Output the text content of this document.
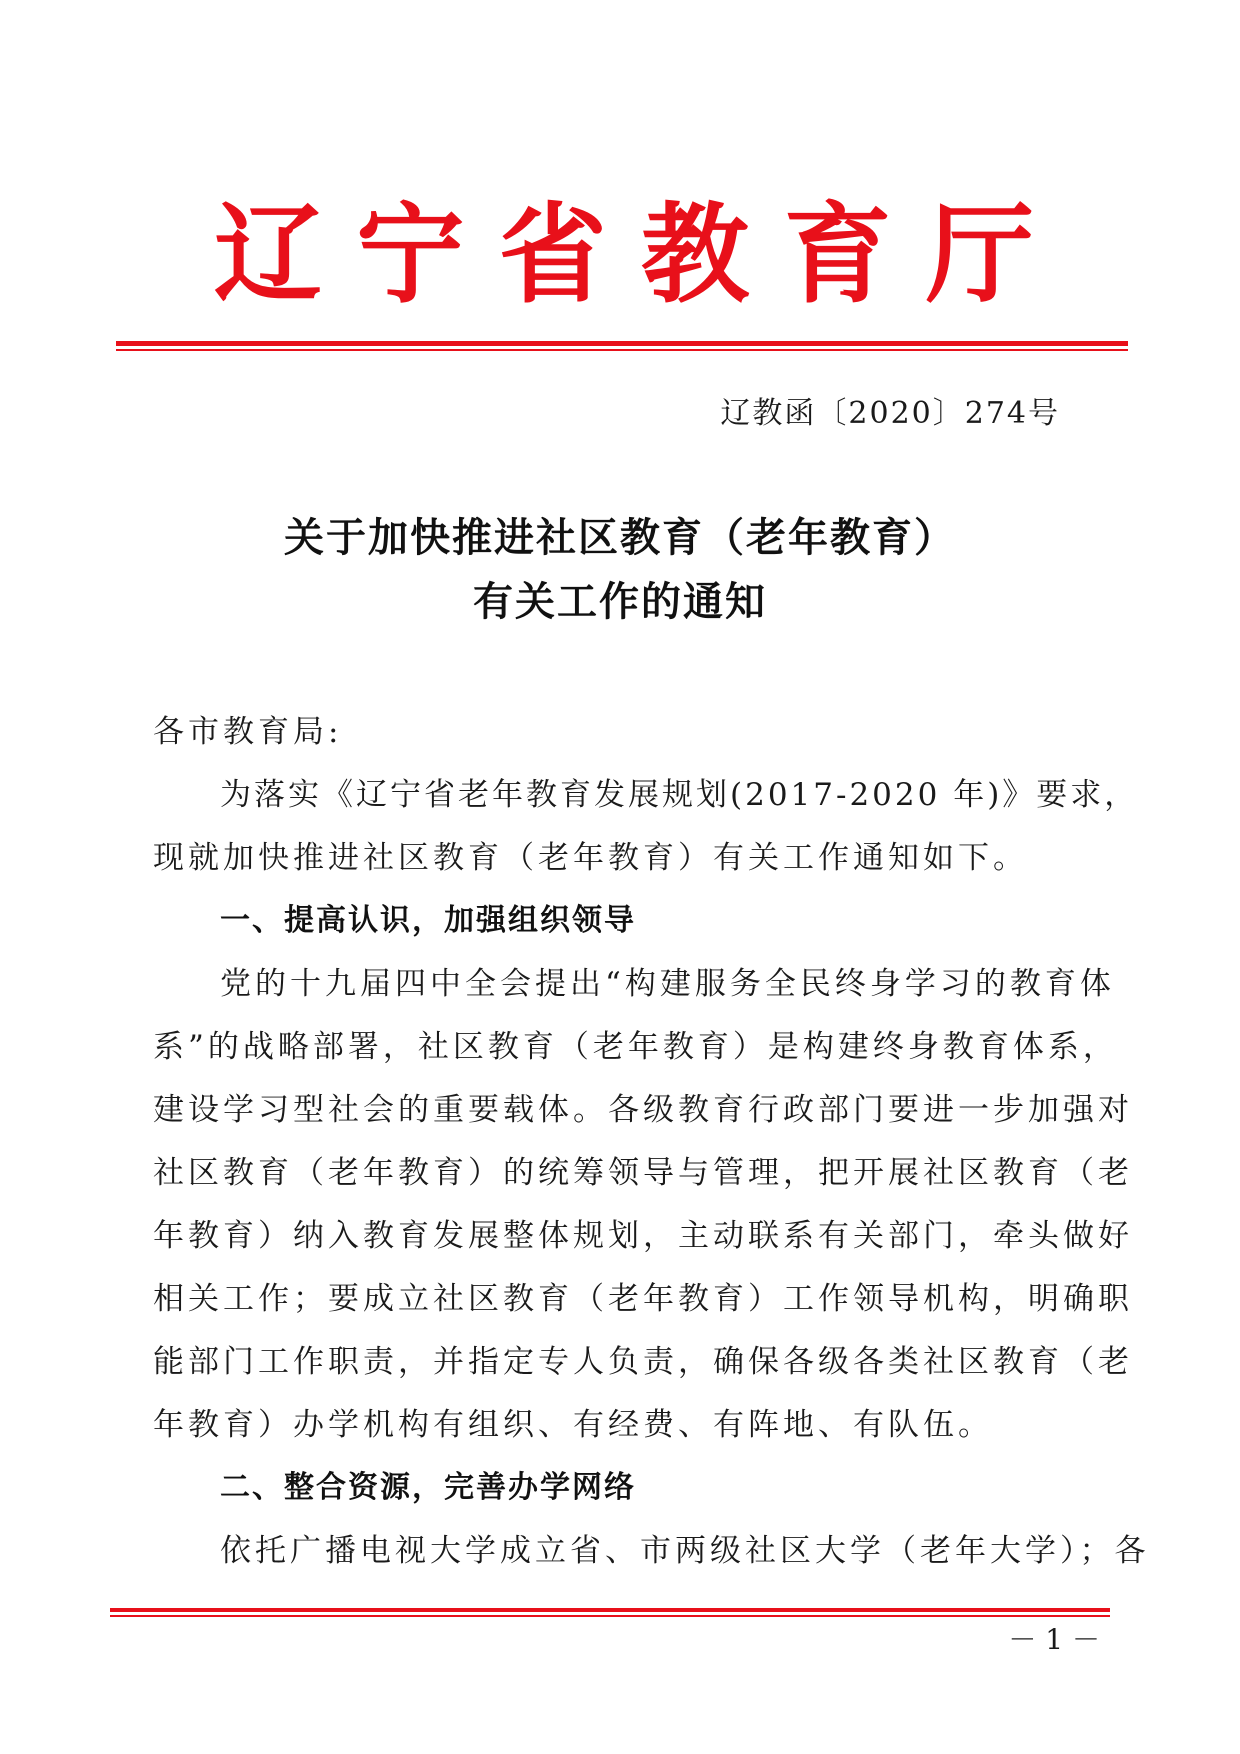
辽 宁 省 教 育 厅
辽教函〔2020〕274号
关于加快推进社区教育（老年教育）
有关工作的通知

各市教育局:

为落实《辽宁省老年教育发展规划(2017-2020 年)》要求，

现就加快推进社区教育（老年教育）有关工作通知如下。

一、提高认识，加强组织领导

党的十九届四中全会提出“构建服务全民终身学习的教育体

系”的战略部署，社区教育（老年教育）是构建终身教育体系，

建设学习型社会的重要载体。各级教育行政部门要进一步加强对

社区教育（老年教育）的统筹领导与管理，把开展社区教育（老

年教育）纳入教育发展整体规划，主动联系有关部门，牵头做好

相关工作；要成立社区教育（老年教育）工作领导机构，明确职

能部门工作职责，并指定专人负责，确保各级各类社区教育（老

年教育）办学机构有组织、有经费、有阵地、有队伍。

二、整合资源，完善办学网络

依托广播电视大学成立省、市两级社区大学（老年大学）；各

－ 1 －
